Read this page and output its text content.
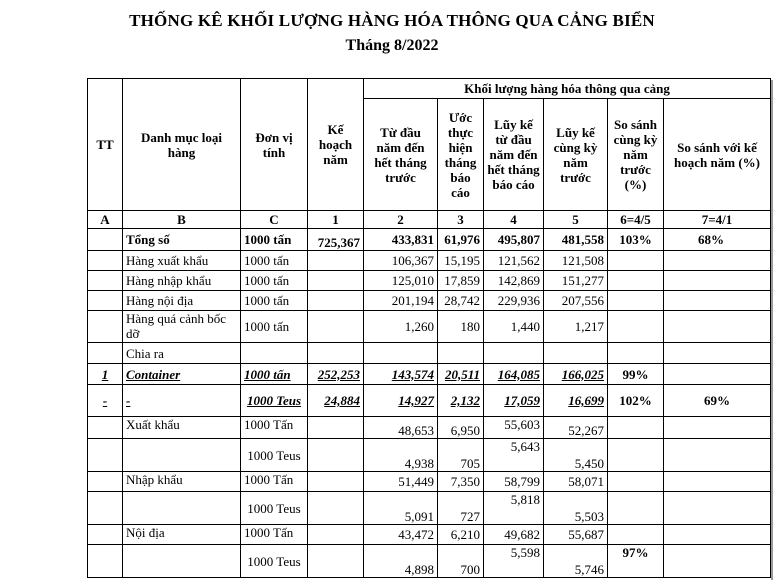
THỐNG KÊ KHỐI LƯỢNG HÀNG HÓA THÔNG QUA CẢNG BIỂN
Tháng 8/2022
TT	Danh mục loại hàng	Đơn vị tính	Kế hoạch năm	Khối lượng hàng hóa thông qua cảng					
				Từ đầu năm đến hết tháng trước	Ước thực hiện tháng báo cáo	Lũy kế từ đầu năm đến hết tháng báo cáo	Lũy kế cùng kỳ năm trước	So sánh cùng kỳ năm trước (%)	So sánh với kế hoạch năm (%)
A	B	C	1	2	3	4	5	6=4/5	7=4/1
	Tổng số	1000 tấn	725,367	433,831	61,976	495,807	481,558	103%	68%
	Hàng xuất khẩu	1000 tấn		106,367	15,195	121,562	121,508		
	Hàng nhập khẩu	1000 tấn		125,010	17,859	142,869	151,277		
	Hàng nội địa	1000 tấn		201,194	28,742	229,936	207,556		
	Hàng quá cảnh bốc dỡ	1000 tấn		1,260	180	1,440	1,217		
	Chia ra								
1	Container	1000 tấn	252,253	143,574	20,511	164,085	166,025	99%	
-	-	1000 Teus	24,884	14,927	2,132	17,059	16,699	102%	69%
	Xuất khẩu	1000 Tấn		48,653	6,950	55,603	52,267		
		1000 Teus		4,938	705	5,643	5,450		
	Nhập khẩu	1000 Tấn		51,449	7,350	58,799	58,071		
		1000 Teus		5,091	727	5,818	5,503		
	Nội địa	1000 Tấn		43,472	6,210	49,682	55,687		
		1000 Teus		4,898	700	5,598	5,746	97%	
